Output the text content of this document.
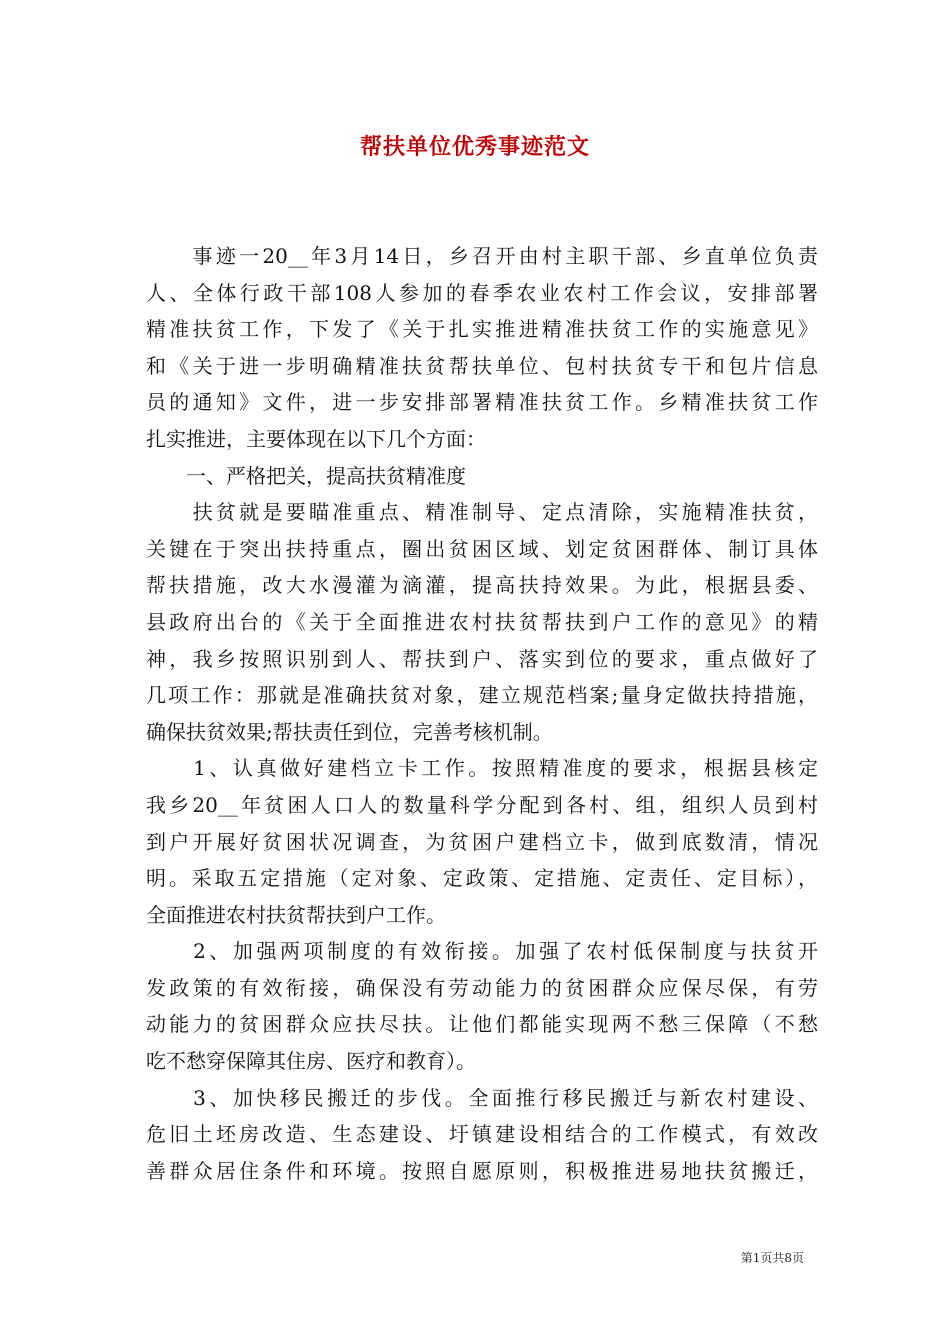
帮扶单位优秀事迹范文
　　事迹一20__年3月14日，乡召开由村主职干部、乡直单位负责
人、全体行政干部108人参加的春季农业农村工作会议，安排部署
精准扶贫工作，下发了《关于扎实推进精准扶贫工作的实施意见》
和《关于进一步明确精准扶贫帮扶单位、包村扶贫专干和包片信息
员的通知》文件，进一步安排部署精准扶贫工作。乡精准扶贫工作
扎实推进，主要体现在以下几个方面：
　　一、严格把关，提高扶贫精准度
　　扶贫就是要瞄准重点、精准制导、定点清除，实施精准扶贫，
关键在于突出扶持重点，圈出贫困区域、划定贫困群体、制订具体
帮扶措施，改大水漫灌为滴灌，提高扶持效果。为此，根据县委、
县政府出台的《关于全面推进农村扶贫帮扶到户工作的意见》的精
神，我乡按照识别到人、帮扶到户、落实到位的要求，重点做好了
几项工作：那就是准确扶贫对象，建立规范档案;量身定做扶持措施，
确保扶贫效果;帮扶责任到位，完善考核机制。
　　1、认真做好建档立卡工作。按照精准度的要求，根据县核定
我乡20__年贫困人口人的数量科学分配到各村、组，组织人员到村
到户开展好贫困状况调查，为贫困户建档立卡，做到底数清，情况
明。采取五定措施（定对象、定政策、定措施、定责任、定目标），
全面推进农村扶贫帮扶到户工作。
　　2、加强两项制度的有效衔接。加强了农村低保制度与扶贫开
发政策的有效衔接，确保没有劳动能力的贫困群众应保尽保，有劳
动能力的贫困群众应扶尽扶。让他们都能实现两不愁三保障（不愁
吃不愁穿保障其住房、医疗和教育）。
　　3、加快移民搬迁的步伐。全面推行移民搬迁与新农村建设、
危旧土坯房改造、生态建设、圩镇建设相结合的工作模式，有效改
善群众居住条件和环境。按照自愿原则，积极推进易地扶贫搬迁，
第1页共8页
